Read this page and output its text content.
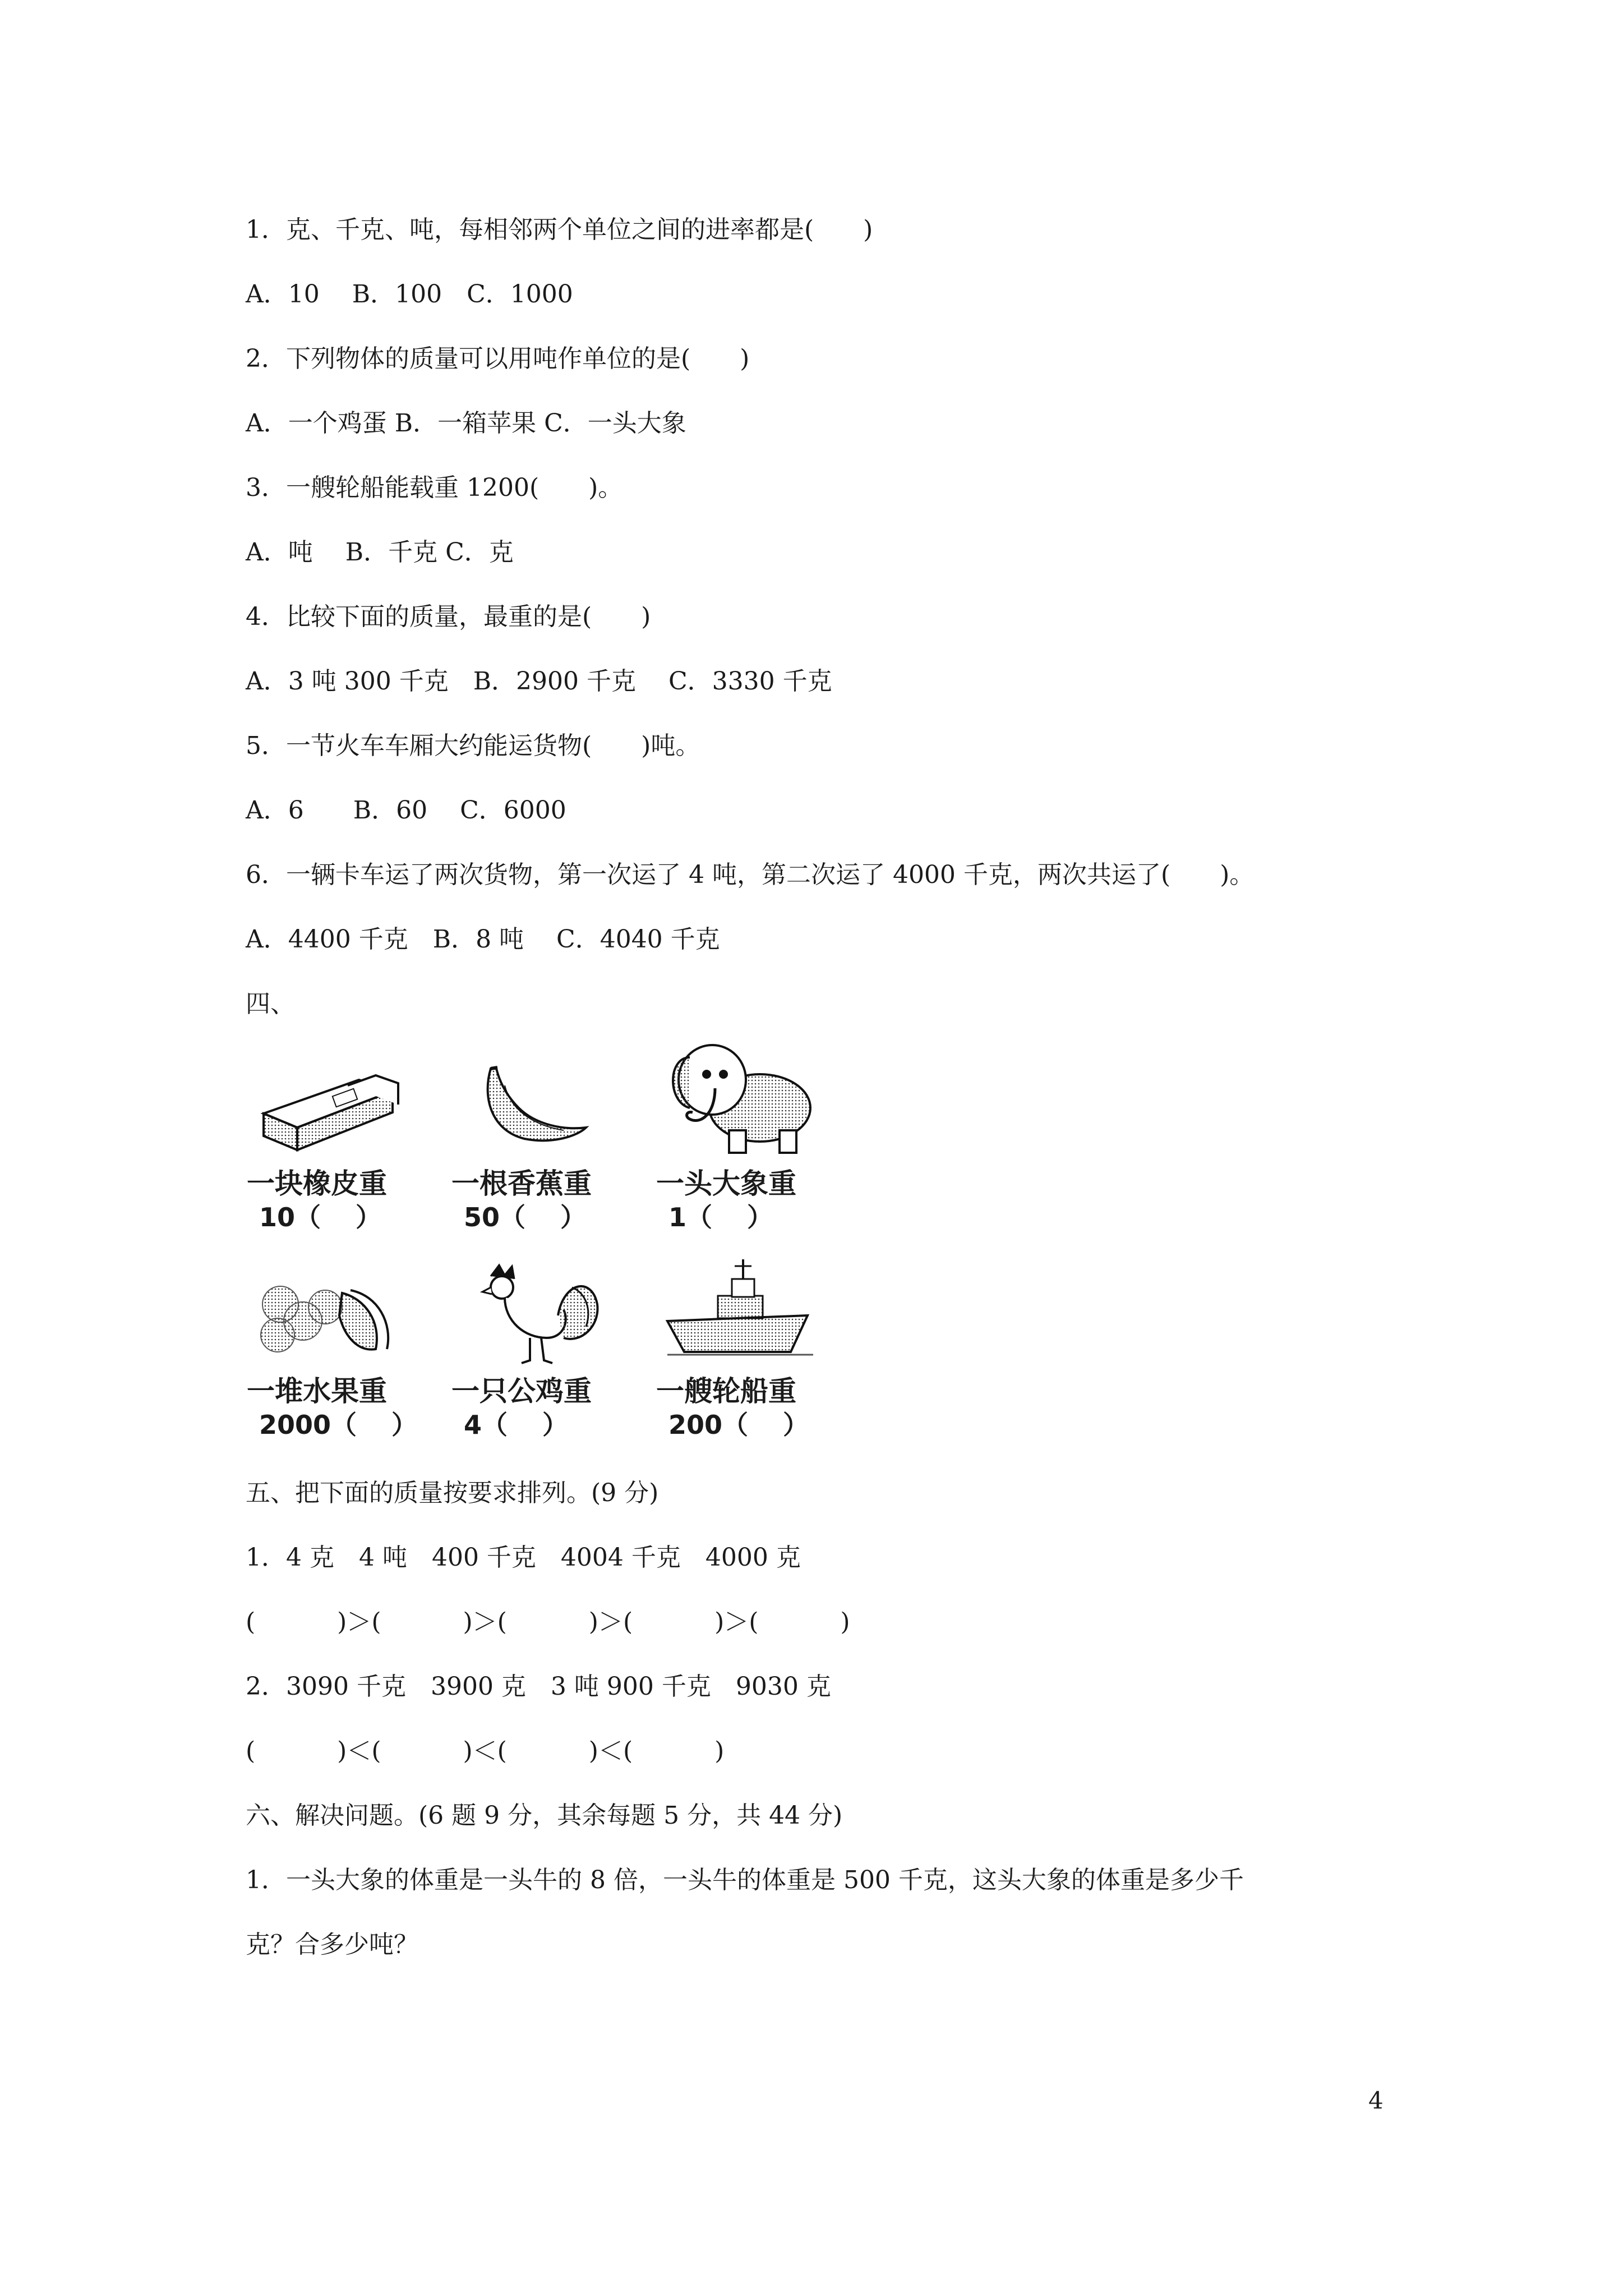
1．克、千克、吨，每相邻两个单位之间的进率都是(　　)
A．10　 B．100　C．1000
2．下列物体的质量可以用吨作单位的是(　　)
A．一个鸡蛋 B．一箱苹果 C．一头大象
3．一艘轮船能载重 1200(　　)。
A．吨　 B．千克 C．克
4．比较下面的质量，最重的是(　　)
A．3 吨 300 千克　B．2900 千克　 C．3330 千克
5．一节火车车厢大约能运货物(　　)吨。
A．6　　B．60　 C．6000
6．一辆卡车运了两次货物，第一次运了 4 吨，第二次运了 4000 千克，两次共运了(　　)。
A．4400 千克　B．8 吨　 C．4040 千克
四、
一块橡皮重
10（　 ）
一根香蕉重
50（　 ）
一头大象重
1（　 ）
一堆水果重
2000（　 ）
一只公鸡重
4（　 ）
一艘轮船重
200（　 ）
五、把下面的质量按要求排列。(9 分)
1．4 克　4 吨　400 千克　4004 千克　4000 克
(　　　 )＞(　　　 )＞(　　　 )＞(　　　 )＞(　　　 )
2．3090 千克　3900 克　3 吨 900 千克　9030 克
(　　　 )＜(　　　 )＜(　　　 )＜(　　　 )
六、解决问题。(6 题 9 分，其余每题 5 分，共 44 分)
1．一头大象的体重是一头牛的 8 倍，一头牛的体重是 500 千克，这头大象的体重是多少千
克？合多少吨？
4
